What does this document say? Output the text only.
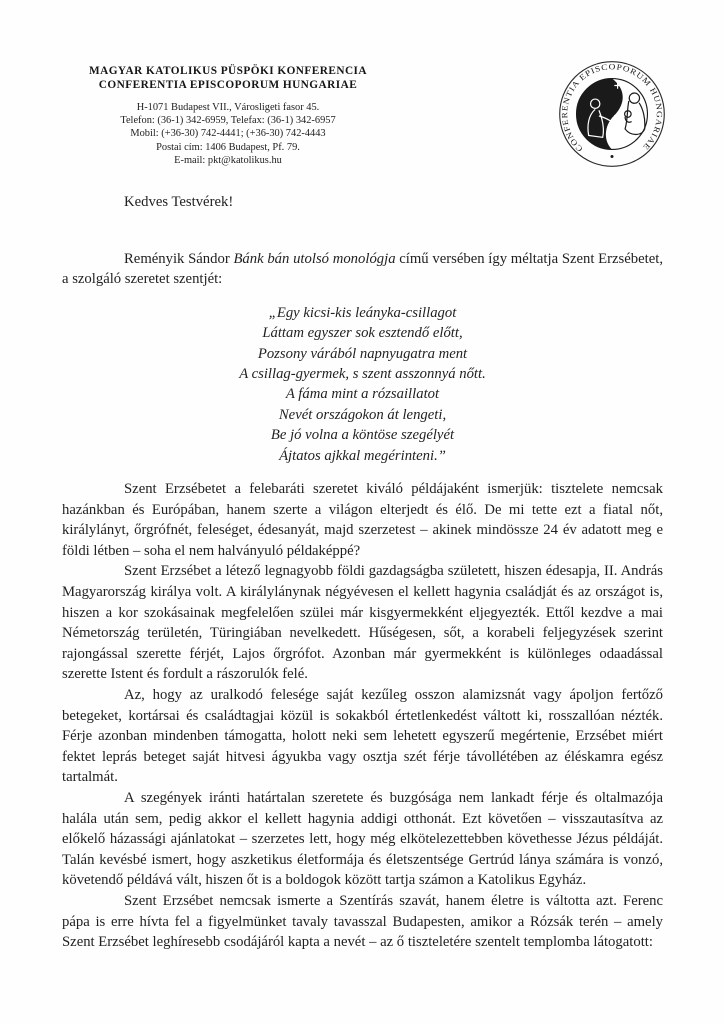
MAGYAR KATOLIKUS PÜSPÖKI KONFERENCIA
CONFERENTIA EPISCOPORUM HUNGARIAE
H-1071 Budapest VII., Városligeti fasor 45.
Telefon: (36-1) 342-6959, Telefax: (36-1) 342-6957
Mobil: (+36-30) 742-4441; (+36-30) 742-4443
Postai cím: 1406 Budapest, Pf. 79.
E-mail: pkt@katolikus.hu
CONFERENTIA EPISCOPORUM HUNGARIAE

Kedves Testvérek!

Reményik Sándor Bánk bán utolsó monológja című versében így méltatja Szent Erzsébetet, a szolgáló szeretet szentjét:

„Egy kicsi-kis leányka-csillagot
Láttam egyszer sok esztendő előtt,
Pozsony várából napnyugatra ment
A csillag-gyermek, s szent asszonnyá nőtt.
A fáma mint a rózsaillatot
Nevét országokon át lengeti,
Be jó volna a köntöse szegélyét
Ájtatos ajkkal megérinteni.”

Szent Erzsébetet a felebaráti szeretet kiváló példájaként ismerjük: tisztelete nemcsak hazánkban és Európában, hanem szerte a világon elterjedt és élő. De mi tette ezt a fiatal nőt, királylányt, őrgrófnét, feleséget, édesanyát, majd szerzetest – akinek mindössze 24 év adatott meg e földi létben – soha el nem halványuló példaképpé?

Szent Erzsébet a létező legnagyobb földi gazdagságba született, hiszen édesapja, II. András Magyarország királya volt. A királylánynak négyévesen el kellett hagynia családját és az országot is, hiszen a kor szokásainak megfelelően szülei már kisgyermekként eljegyezték. Ettől kezdve a mai Németország területén, Türingiában nevelkedett. Hűségesen, sőt, a korabeli feljegyzések szerint rajongással szerette férjét, Lajos őrgrófot. Azonban már gyermekként is különleges odaadással szerette Istent és fordult a rászorulók felé.

Az, hogy az uralkodó felesége saját kezűleg osszon alamizsnát vagy ápoljon fertőző betegeket, kortársai és családtagjai közül is sokakból értetlenkedést váltott ki, rosszallóan nézték. Férje azonban mindenben támogatta, holott neki sem lehetett egyszerű megértenie, Erzsébet miért fektet leprás beteget saját hitvesi ágyukba vagy osztja szét férje távollétében az éléskamra egész tartalmát.

A szegények iránti határtalan szeretete és buzgósága nem lankadt férje és oltalmazója halála után sem, pedig akkor el kellett hagynia addigi otthonát. Ezt követően – visszautasítva az előkelő házassági ajánlatokat – szerzetes lett, hogy még elkötelezettebben követhesse Jézus példáját. Talán kevésbé ismert, hogy aszketikus életformája és életszentsége Gertrúd lánya számára is vonzó, követendő példává vált, hiszen őt is a boldogok között tartja számon a Katolikus Egyház.

Szent Erzsébet nemcsak ismerte a Szentírás szavát, hanem életre is váltotta azt. Ferenc pápa is erre hívta fel a figyelmünket tavaly tavasszal Budapesten, amikor a Rózsák terén – amely Szent Erzsébet leghíresebb csodájáról kapta a nevét – az ő tiszteletére szentelt templomba látogatott:
